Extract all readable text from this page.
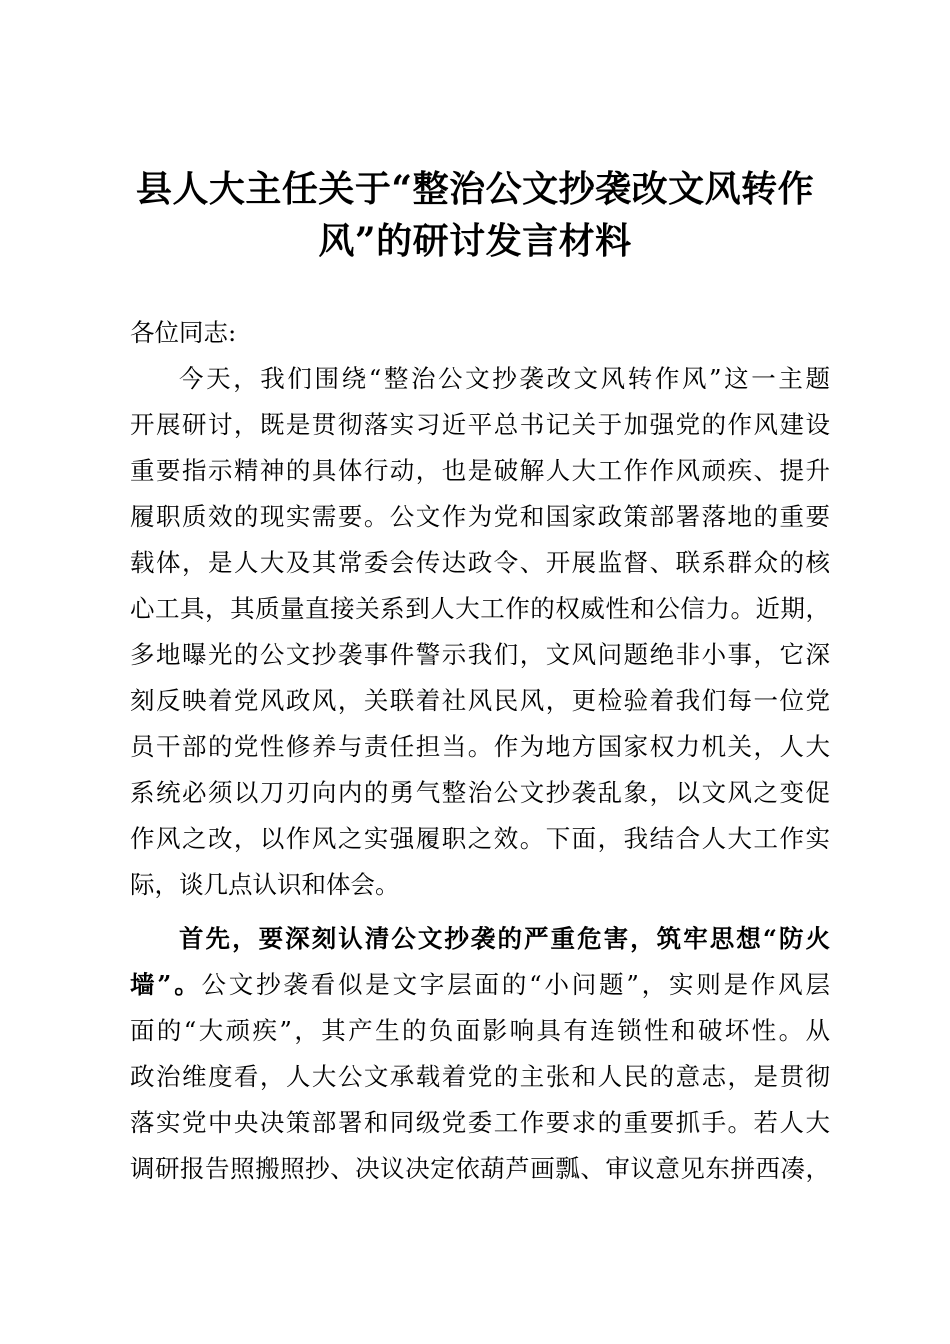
县人大主任关于“整治公文抄袭改文风转作
风”的研讨发言材料
各位同志:
今天，我们围绕“整治公文抄袭改文风转作风”这一主题
开展研讨，既是贯彻落实习近平总书记关于加强党的作风建设
重要指示精神的具体行动，也是破解人大工作作风顽疾、提升
履职质效的现实需要。公文作为党和国家政策部署落地的重要
载体，是人大及其常委会传达政令、开展监督、联系群众的核
心工具，其质量直接关系到人大工作的权威性和公信力。近期，
多地曝光的公文抄袭事件警示我们，文风问题绝非小事，它深
刻反映着党风政风，关联着社风民风，更检验着我们每一位党
员干部的党性修养与责任担当。作为地方国家权力机关，人大
系统必须以刀刃向内的勇气整治公文抄袭乱象，以文风之变促
作风之改，以作风之实强履职之效。下面，我结合人大工作实
际，谈几点认识和体会。
首先，要深刻认清公文抄袭的严重危害，筑牢思想“防火
墙”。公文抄袭看似是文字层面的“小问题”，实则是作风层
面的“大顽疾”，其产生的负面影响具有连锁性和破坏性。从
政治维度看，人大公文承载着党的主张和人民的意志，是贯彻
落实党中央决策部署和同级党委工作要求的重要抓手。若人大
调研报告照搬照抄、决议决定依葫芦画瓢、审议意见东拼西凑，
